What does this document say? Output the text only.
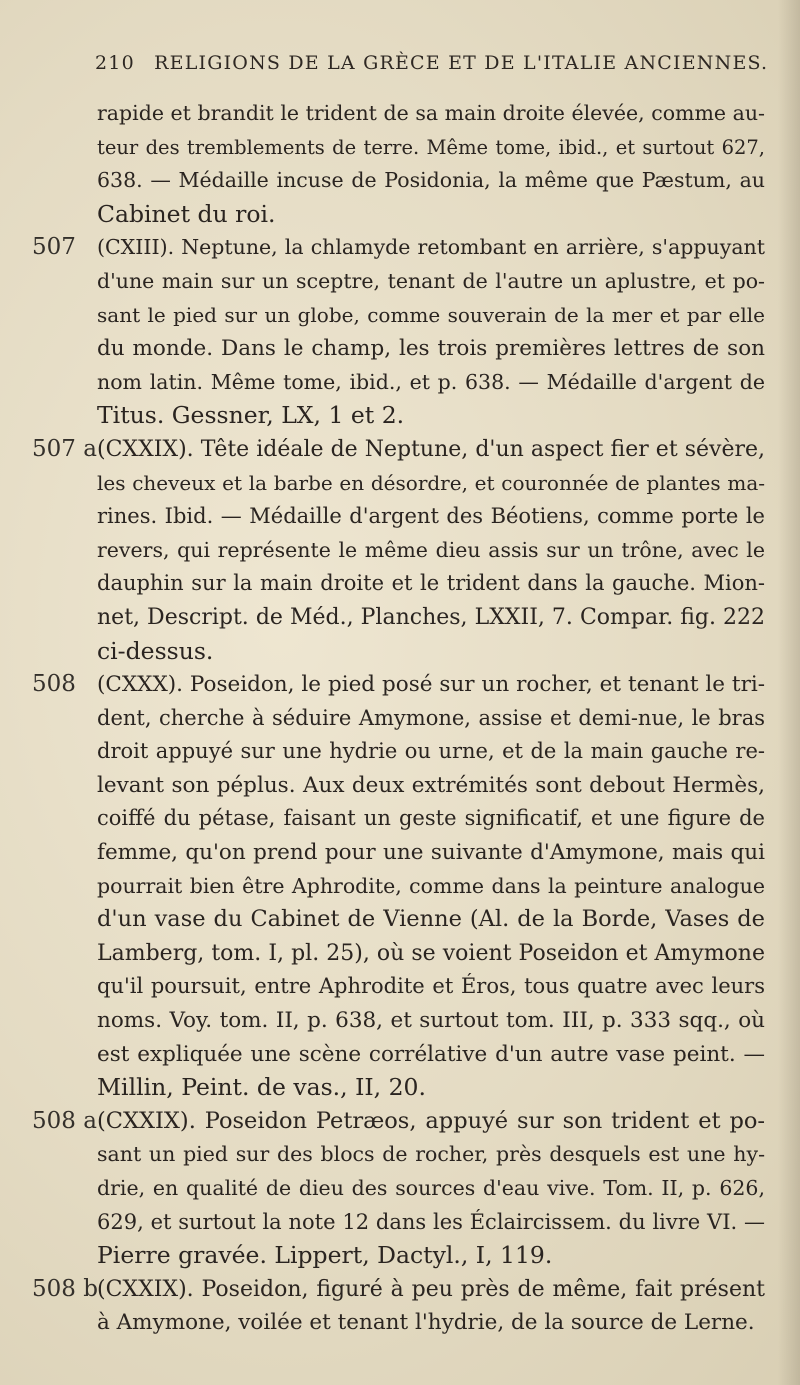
210 RELIGIONS DE LA GRÈCE ET DE L'ITALIE ANCIENNES.
rapide et brandit le trident de sa main droite élevée, comme au-
teur des tremblements de terre. Même tome, ibid., et surtout 627,
638. — Médaille incuse de Posidonia, la même que Pæstum, au
Cabinet du roi.
507 (CXIII). Neptune, la chlamyde retombant en arrière, s'appuyant
d'une main sur un sceptre, tenant de l'autre un aplustre, et po-
sant le pied sur un globe, comme souverain de la mer et par elle
du monde. Dans le champ, les trois premières lettres de son
nom latin. Même tome, ibid., et p. 638. — Médaille d'argent de
Titus. Gessner, LX, 1 et 2.
507 a (CXXIX). Tête idéale de Neptune, d'un aspect fier et sévère,
les cheveux et la barbe en désordre, et couronnée de plantes ma-
rines. Ibid. — Médaille d'argent des Béotiens, comme porte le
revers, qui représente le même dieu assis sur un trône, avec le
dauphin sur la main droite et le trident dans la gauche. Mion-
net, Descript. de Méd., Planches, LXXII, 7. Compar. fig. 222
ci-dessus.
508 (CXXX). Poseidon, le pied posé sur un rocher, et tenant le tri-
dent, cherche à séduire Amymone, assise et demi-nue, le bras
droit appuyé sur une hydrie ou urne, et de la main gauche re-
levant son péplus. Aux deux extrémités sont debout Hermès,
coiffé du pétase, faisant un geste significatif, et une figure de
femme, qu'on prend pour une suivante d'Amymone, mais qui
pourrait bien être Aphrodite, comme dans la peinture analogue
d'un vase du Cabinet de Vienne (Al. de la Borde, Vases de
Lamberg, tom. I, pl. 25), où se voient Poseidon et Amymone
qu'il poursuit, entre Aphrodite et Éros, tous quatre avec leurs
noms. Voy. tom. II, p. 638, et surtout tom. III, p. 333 sqq., où
est expliquée une scène corrélative d'un autre vase peint. —
Millin, Peint. de vas., II, 20.
508 a (CXXIX). Poseidon Petræos, appuyé sur son trident et po-
sant un pied sur des blocs de rocher, près desquels est une hy-
drie, en qualité de dieu des sources d'eau vive. Tom. II, p. 626,
629, et surtout la note 12 dans les Éclaircissem. du livre VI. —
Pierre gravée. Lippert, Dactyl., I, 119.
508 b (CXXIX). Poseidon, figuré à peu près de même, fait présent
à Amymone, voilée et tenant l'hydrie, de la source de Lerne.
